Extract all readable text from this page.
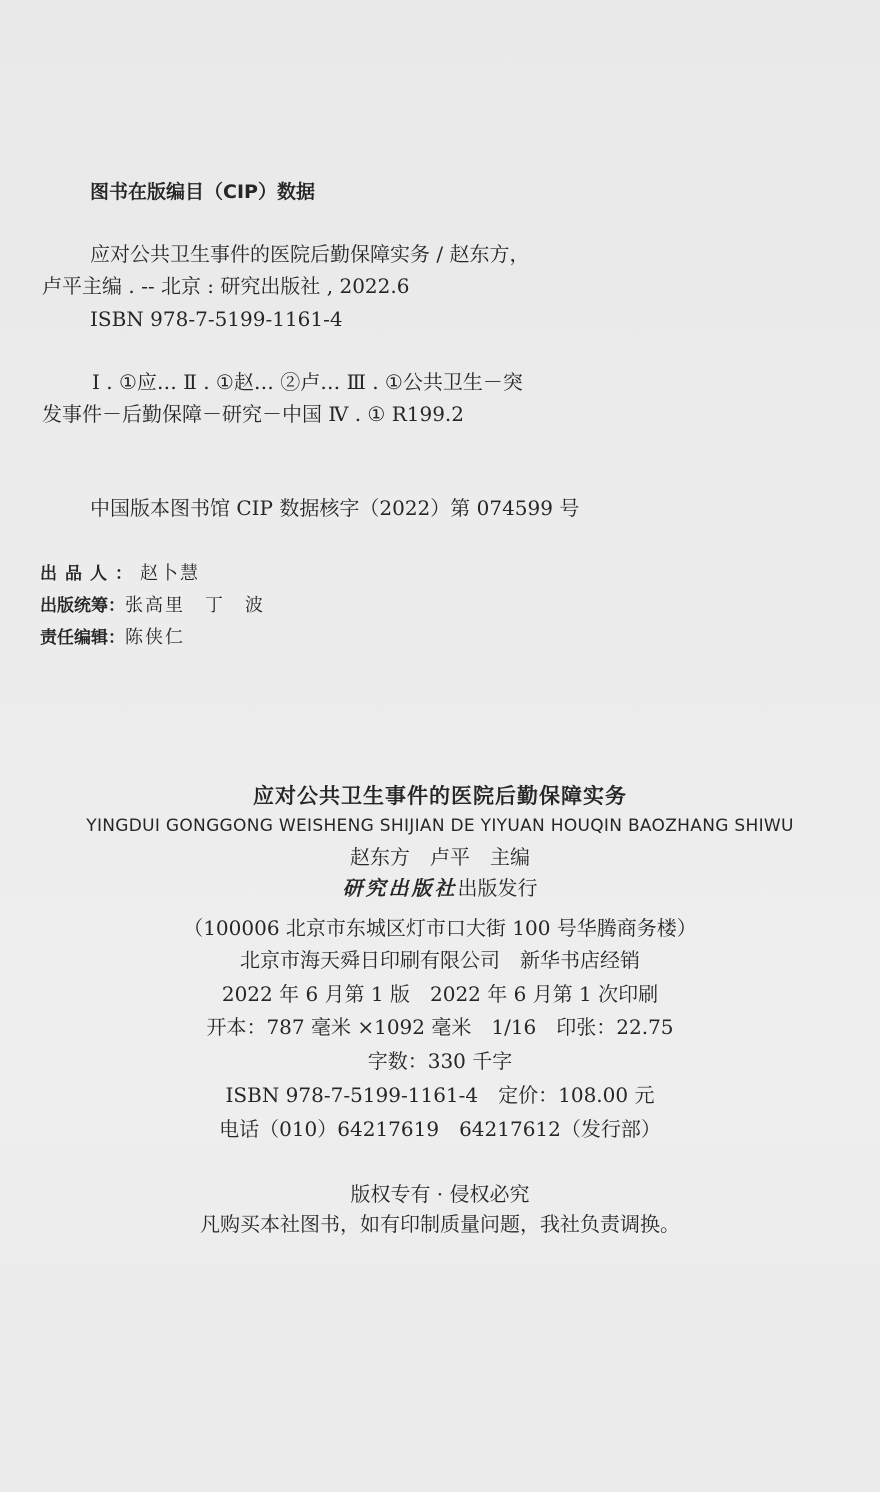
图书在版编目（CIP）数据
应对公共卫生事件的医院后勤保障实务 / 赵东方，
卢平主编 . -- 北京 : 研究出版社 , 2022.6
ISBN 978-7-5199-1161-4
Ⅰ . ①应… Ⅱ . ①赵… ②卢… Ⅲ . ①公共卫生－突
发事件－后勤保障－研究－中国 Ⅳ . ① R199.2
中国版本图书馆 CIP 数据核字（2022）第 074599 号
出品人：赵卜慧
出版统筹：张高里　丁　波
责任编辑：陈侠仁
应对公共卫生事件的医院后勤保障实务
YINGDUI GONGGONG WEISHENG SHIJIAN DE YIYUAN HOUQIN BAOZHANG SHIWU
赵东方　卢平　主编
研究出版社出版发行
（100006 北京市东城区灯市口大街 100 号华腾商务楼）
北京市海天舜日印刷有限公司　新华书店经销
2022 年 6 月第 1 版　2022 年 6 月第 1 次印刷
开本：787 毫米 ×1092 毫米　1/16　印张：22.75
字数：330 千字
ISBN 978-7-5199-1161-4　定价：108.00 元
电话（010）64217619　64217612（发行部）
版权专有 · 侵权必究
凡购买本社图书，如有印制质量问题，我社负责调换。
